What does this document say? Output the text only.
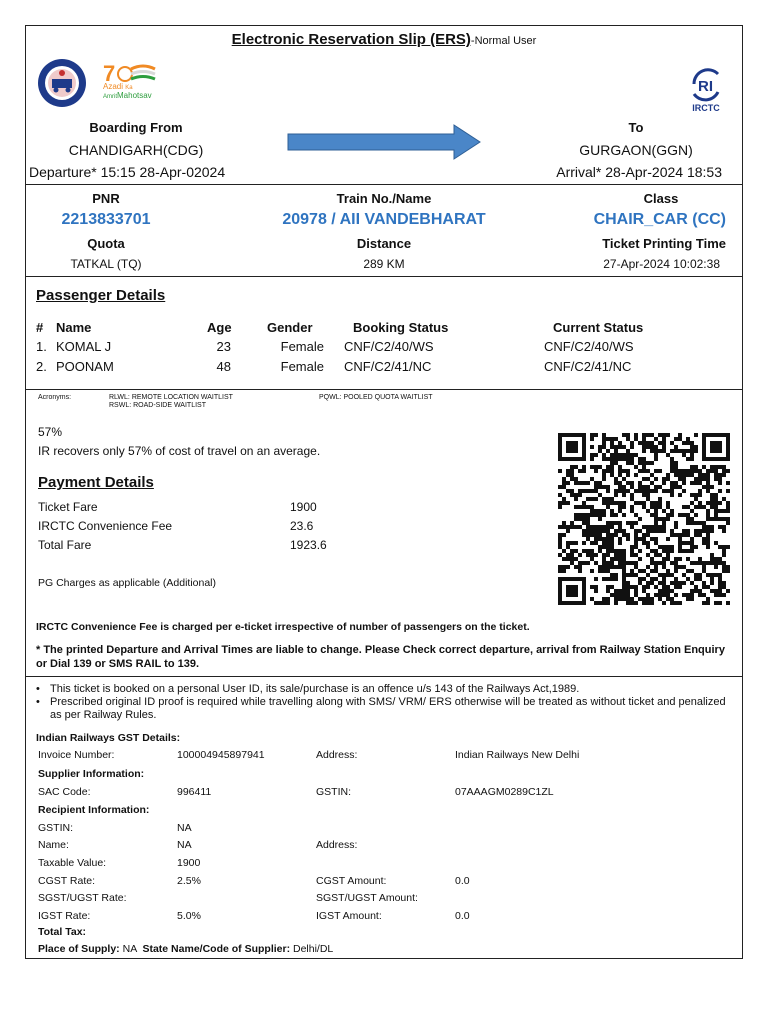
Electronic Reservation Slip (ERS)-Normal User
7
Azadi Ka
AmritMahotsav
RI
IRCTC
Boarding From
CHANDIGARH(CDG)
Departure* 15:15 28-Apr-02024
To
GURGAON(GGN)
Arrival* 28-Apr-2024 18:53
PNR
2213833701
Train No./Name
20978 / AII VANDEBHARAT
Class
CHAIR_CAR (CC)
Quota
TATKAL (TQ)
Distance
289 KM
Ticket Printing Time
27-Apr-2024 10:02:38
Passenger Details
# Name	Age	Gender	Booking Status	Current Status
1. KOMAL J	23	Female CNF/C2/40/WS	CNF/C2/40/WS
2. POONAM	48	Female CNF/C2/41/NC	CNF/C2/41/NC
Acronyms:	RLWL: REMOTE LOCATION WAITLIST
RSWL: ROAD-SIDE WAITLIST
PQWL: POOLED QUOTA WAITLIST
57%
IR recovers only 57% of cost of travel on an average.
Payment Details
Ticket Fare	1900
IRCTC Convenience Fee	23.6
Total Fare	1923.6
PG Charges as applicable (Additional)
IRCTC Convenience Fee is charged per e-ticket irrespective of number of passengers on the ticket.
* The printed Departure and Arrival Times are liable to change. Please Check correct departure, arrival from Railway Station Enquiry or Dial 139 or SMS RAIL to 139.
• This ticket is booked on a personal User ID, its sale/purchase is an offence u/s 143 of the Railways Act,1989.
• Prescribed original ID proof is required while travelling along with SMS/ VRM/ ERS otherwise will be treated as without ticket and penalized as per Railway Rules.
Indian Railways GST Details:
Invoice Number:	100004945897941	Address:	Indian Railways New Delhi
Supplier Information:
SAC Code:	996411	GSTIN:	07AAAGM0289C1ZL
Recipient Information:
GSTIN:	NA
Name:	NA	Address:
Taxable Value:	1900
CGST Rate:	2.5%	CGST Amount:	0.0
SGST/UGST Rate:	SGST/UGST Amount:
IGST Rate:	5.0%	IGST Amount:	0.0
Total Tax:
Place of Supply: NA State Name/Code of Supplier: Delhi/DL
